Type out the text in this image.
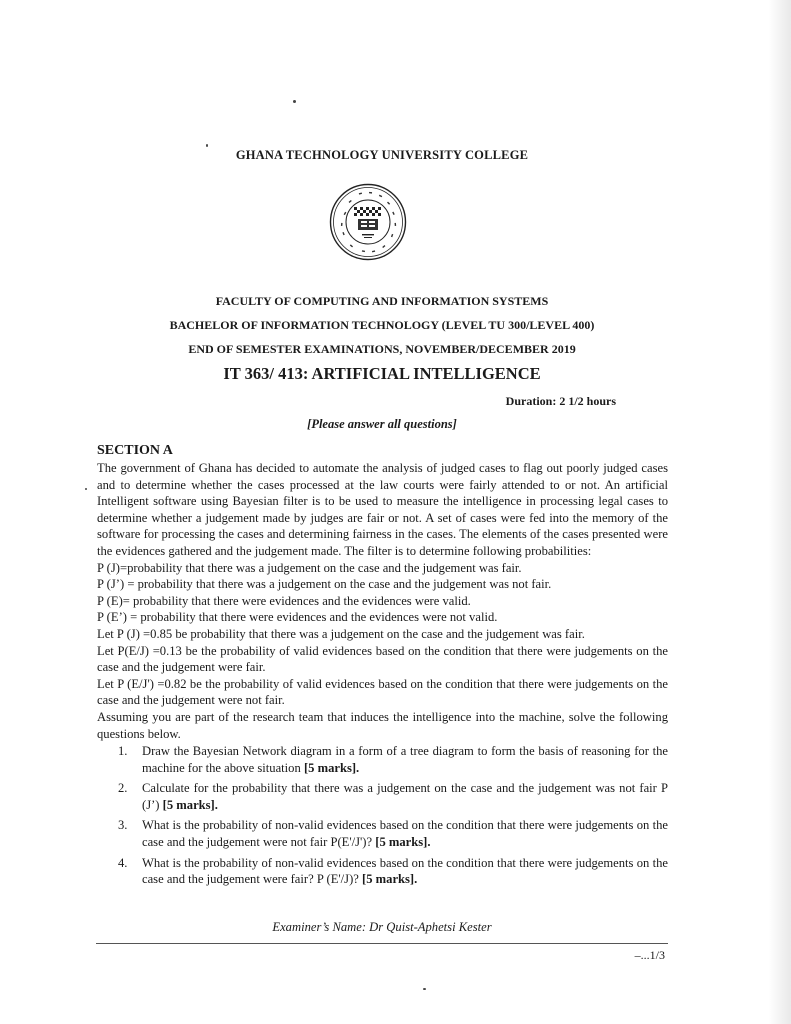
GHANA TECHNOLOGY UNIVERSITY COLLEGE
FACULTY OF COMPUTING AND INFORMATION SYSTEMS
BACHELOR OF INFORMATION TECHNOLOGY (LEVEL TU 300/LEVEL 400)
END OF SEMESTER EXAMINATIONS, NOVEMBER/DECEMBER 2019
IT 363/ 413: ARTIFICIAL INTELLIGENCE
Duration: 2 1/2 hours
[Please answer all questions]
SECTION A

The government of Ghana has decided to automate the analysis of judged cases to flag out poorly judged cases and to determine whether the cases processed at the law courts were fairly attended to or not. An artificial Intelligent software using Bayesian filter is to be used to measure the intelligence in processing legal cases to determine whether a judgement made by judges are fair or not. A set of cases were fed into the memory of the software for processing the cases and determining fairness in the cases. The elements of the cases presented were the evidences gathered and the judgement made. The filter is to determine following probabilities:

P (J)=probability that there was a judgement on the case and the judgement was fair.
P (J’) = probability that there was a judgement on the case and the judgement was not fair.
P (E)= probability that there were evidences and the evidences were valid.
P (E’) = probability that there were evidences and the evidences were not valid.

Let P (J) =0.85 be probability that there was a judgement on the case and the judgement was fair.

Let P(E/J) =0.13 be the probability of valid evidences based on the condition that there were judgements on the case and the judgement were fair.

Let P (E/J') =0.82 be the probability of valid evidences based on the condition that there were judgements on the case and the judgement were not fair.

Assuming you are part of the research team that induces the intelligence into the machine, solve the following questions below.

1. Draw the Bayesian Network diagram in a form of a tree diagram to form the basis of reasoning for the machine for the above situation [5 marks].
2. Calculate for the probability that there was a judgement on the case and the judgement was not fair P (J’) [5 marks].
3. What is the probability of non-valid evidences based on the condition that there were judgements on the case and the judgement were not fair P(E'/J')? [5 marks].
4. What is the probability of non-valid evidences based on the condition that there were judgements on the case and the judgement were fair? P (E'/J)? [5 marks].
Examiner’s Name: Dr Quist-Aphetsi Kester
–...1/3
